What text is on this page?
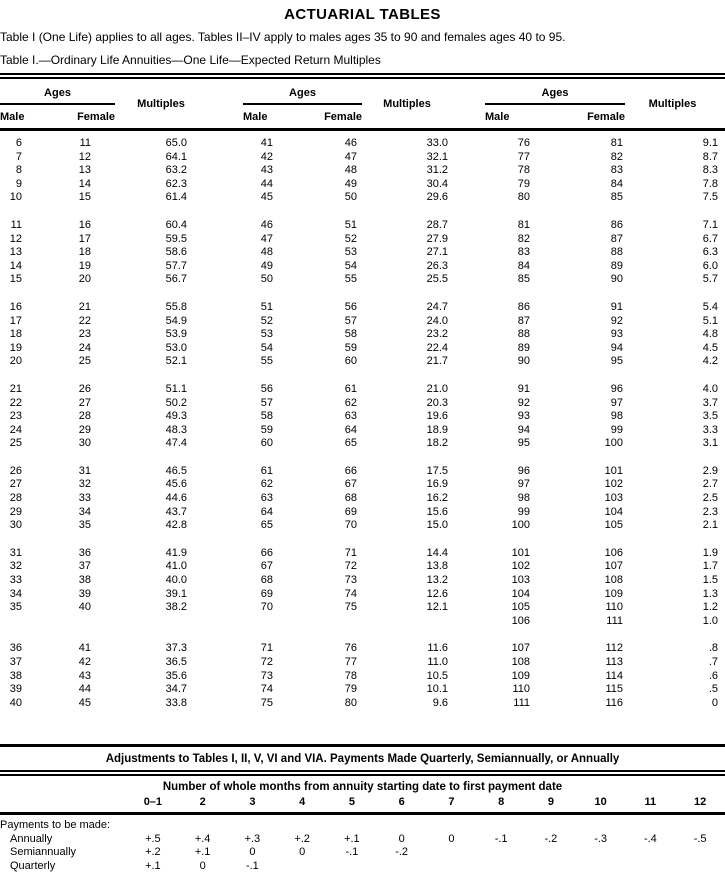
ACTUARIAL TABLES

Table I (One Life) applies to all ages. Tables II–IV apply to males ages 35 to 90 and females ages 40 to 95.

Table I.—Ordinary Life Annuities—One Life—Expected Return Multiples

Ages		Multiples		Ages		Multiples		Ages		Multiples	
Male	Female			Male	Female			Male	Female		

6	11	65.0		41	46	33.0		76	81	9.1	
7	12	64.1		42	47	32.1		77	82	8.7	
8	13	63.2		43	48	31.2		78	83	8.3	
9	14	62.3		44	49	30.4		79	84	7.8	
10	15	61.4		45	50	29.6		80	85	7.5	

11	16	60.4		46	51	28.7		81	86	7.1	
12	17	59.5		47	52	27.9		82	87	6.7	
13	18	58.6		48	53	27.1		83	88	6.3	
14	19	57.7		49	54	26.3		84	89	6.0	
15	20	56.7		50	55	25.5		85	90	5.7	

16	21	55.8		51	56	24.7		86	91	5.4	
17	22	54.9		52	57	24.0		87	92	5.1	
18	23	53.9		53	58	23.2		88	93	4.8	
19	24	53.0		54	59	22.4		89	94	4.5	
20	25	52.1		55	60	21.7		90	95	4.2	

21	26	51.1		56	61	21.0		91	96	4.0	
22	27	50.2		57	62	20.3		92	97	3.7	
23	28	49.3		58	63	19.6		93	98	3.5	
24	29	48.3		59	64	18.9		94	99	3.3	
25	30	47.4		60	65	18.2		95	100	3.1	

26	31	46.5		61	66	17.5		96	101	2.9	
27	32	45.6		62	67	16.9		97	102	2.7	
28	33	44.6		63	68	16.2		98	103	2.5	
29	34	43.7		64	69	15.6		99	104	2.3	
30	35	42.8		65	70	15.0		100	105	2.1	

31	36	41.9		66	71	14.4		101	106	1.9	
32	37	41.0		67	72	13.8		102	107	1.7	
33	38	40.0		68	73	13.2		103	108	1.5	
34	39	39.1		69	74	12.6		104	109	1.3	
35	40	38.2		70	75	12.1		105	110	1.2	
								106	111	1.0	

36	41	37.3		71	76	11.6		107	112	.8	
37	42	36.5		72	77	11.0		108	113	.7	
38	43	35.6		73	78	10.5		109	114	.6	
39	44	34.7		74	79	10.1		110	115	.5	
40	45	33.8		75	80	9.6		111	116	0	
Adjustments to Tables I, II, V, VI and VIA. Payments Made Quarterly, Semiannually, or Annually
Number of whole months from annuity starting date to first payment date
	0–1	2	3	4	5	6	7	8	9	10	11	12
Payments to be made:												
Annually	+.5	+.4	+.3	+.2	+.1	0	0	-.1	-.2	-.3	-.4	-.5
Semiannually	+.2	+.1	0	0	-.1	-.2						
Quarterly	+.1	0	-.1									
